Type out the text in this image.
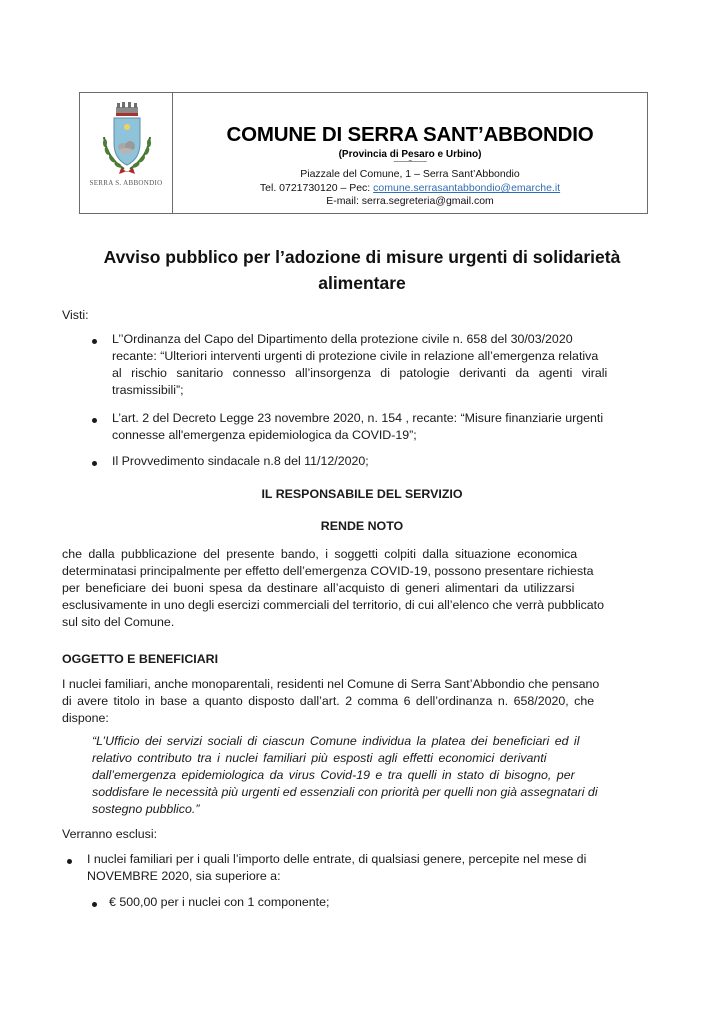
SERRA S. ABBONDIO
COMUNE DI SERRA SANT’ABBONDIO
(Provincia di Pesaro e Urbino)
----------=----------
Piazzale del Comune, 1 – Serra Sant’Abbondio
Tel. 0721730120 – Pec: comune.serrasantabbondio@emarche.it
E-mail: serra.segreteria@gmail.com
Avviso pubblico per l’adozione di misure urgenti di solidarietà
alimentare
Visti:
L’’Ordinanza del Capo del Dipartimento della protezione civile n. 658 del 30/03/2020
recante: “Ulteriori interventi urgenti di protezione civile in relazione all’emergenza relativa
al rischio sanitario connesso all’insorgenza di patologie derivanti da agenti virali
trasmissibili”;
L’art. 2 del Decreto Legge 23 novembre 2020, n. 154 , recante: “Misure finanziarie urgenti
connesse all'emergenza epidemiologica da COVID-19”;
Il Provvedimento sindacale n.8 del 11/12/2020;
IL RESPONSABILE DEL SERVIZIO
RENDE NOTO
che dalla pubblicazione del presente bando, i soggetti colpiti dalla situazione economica
determinatasi principalmente per effetto dell’emergenza COVID-19, possono presentare richiesta
per beneficiare dei buoni spesa da destinare all’acquisto di generi alimentari da utilizzarsi
esclusivamente in uno degli esercizi commerciali del territorio, di cui all’elenco che verrà pubblicato
sul sito del Comune.
OGGETTO E BENEFICIARI
I nuclei familiari, anche monoparentali, residenti nel Comune di Serra Sant’Abbondio che pensano
di avere titolo in base a quanto disposto dall’art. 2 comma 6 dell’ordinanza n. 658/2020, che
dispone:
“L’Ufficio dei servizi sociali di ciascun Comune individua la platea dei beneficiari ed il
relativo contributo tra i nuclei familiari più esposti agli effetti economici derivanti
dall’emergenza epidemiologica da virus Covid-19 e tra quelli in stato di bisogno, per
soddisfare le necessità più urgenti ed essenziali con priorità per quelli non già assegnatari di
sostegno pubblico.”
Verranno esclusi:
I nuclei familiari per i quali l’importo delle entrate, di qualsiasi genere, percepite nel mese di
NOVEMBRE 2020, sia superiore a:
€ 500,00 per i nuclei con 1 componente;
